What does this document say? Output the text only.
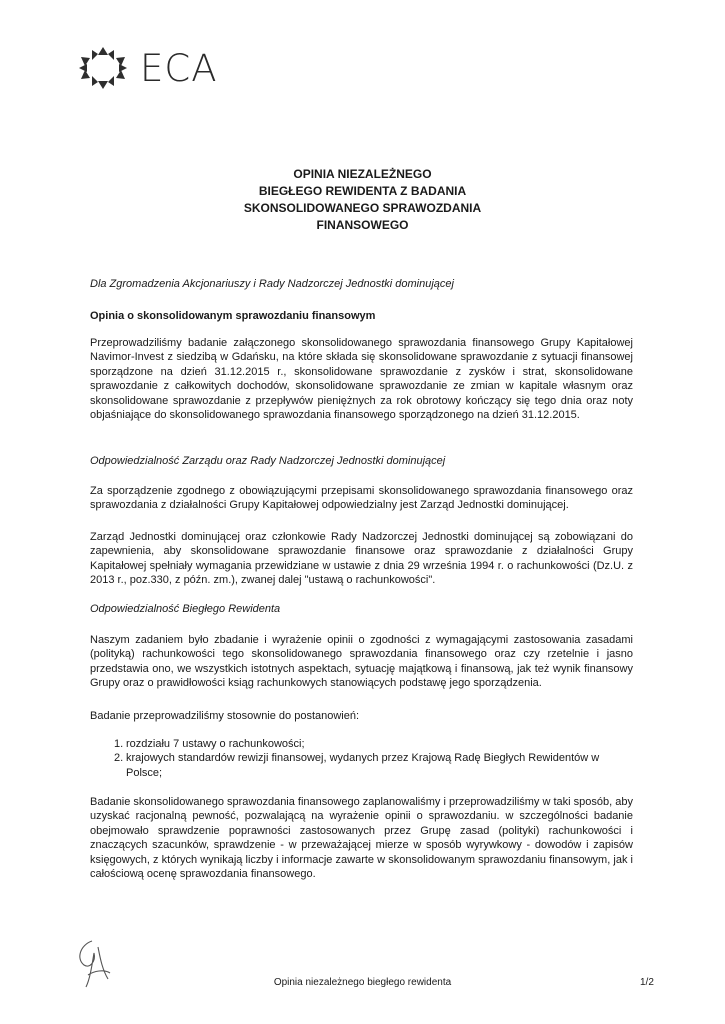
ECA
OPINIA NIEZALEŻNEGO
BIEGŁEGO REWIDENTA Z BADANIA
SKONSOLIDOWANEGO SPRAWOZDANIA
FINANSOWEGO

Dla Zgromadzenia Akcjonariuszy i Rady Nadzorczej Jednostki dominującej

Opinia o skonsolidowanym sprawozdaniu finansowym

Przeprowadziliśmy badanie załączonego skonsolidowanego sprawozdania finansowego Grupy Kapitałowej Navimor-Invest z siedzibą w Gdańsku, na które składa się skonsolidowane sprawozdanie z sytuacji finansowej sporządzone na dzień 31.12.2015 r., skonsolidowane sprawozdanie z zysków i strat, skonsolidowane sprawozdanie z całkowitych dochodów, skonsolidowane sprawozdanie ze zmian w kapitale własnym oraz skonsolidowane sprawozdanie z przepływów pieniężnych za rok obrotowy kończący się tego dnia oraz noty objaśniające do skonsolidowanego sprawozdania finansowego sporządzonego na dzień 31.12.2015.

Odpowiedzialność Zarządu oraz Rady Nadzorczej Jednostki dominującej

Za sporządzenie zgodnego z obowiązującymi przepisami skonsolidowanego sprawozdania finansowego oraz sprawozdania z działalności Grupy Kapitałowej odpowiedzialny jest Zarząd Jednostki dominującej.

Zarząd Jednostki dominującej oraz członkowie Rady Nadzorczej Jednostki dominującej są zobowiązani do zapewnienia, aby skonsolidowane sprawozdanie finansowe oraz sprawozdanie z działalności Grupy Kapitałowej spełniały wymagania przewidziane w ustawie z dnia 29 września 1994 r. o rachunkowości (Dz.U. z 2013 r., poz.330, z późn. zm.), zwanej dalej "ustawą o rachunkowości".

Odpowiedzialność Biegłego Rewidenta

Naszym zadaniem było zbadanie i wyrażenie opinii o zgodności z wymagającymi zastosowania zasadami (polityką) rachunkowości tego skonsolidowanego sprawozdania finansowego oraz czy rzetelnie i jasno przedstawia ono, we wszystkich istotnych aspektach, sytuację majątkową i finansową, jak też wynik finansowy Grupy oraz o prawidłowości ksiąg rachunkowych stanowiących podstawę jego sporządzenia.

Badanie przeprowadziliśmy stosownie do postanowień:

1. rozdziału 7 ustawy o rachunkowości;
2. krajowych standardów rewizji finansowej, wydanych przez Krajową Radę Biegłych Rewidentów w Polsce;

Badanie skonsolidowanego sprawozdania finansowego zaplanowaliśmy i przeprowadziliśmy w taki sposób, aby uzyskać racjonalną pewność, pozwalającą na wyrażenie opinii o sprawozdaniu. w szczególności badanie obejmowało sprawdzenie poprawności zastosowanych przez Grupę zasad (polityki) rachunkowości i znaczących szacunków, sprawdzenie - w przeważającej mierze w sposób wyrywkowy - dowodów i zapisów księgowych, z których wynikają liczby i informacje zawarte w skonsolidowanym sprawozdaniu finansowym, jak i całościową ocenę sprawozdania finansowego.

Opinia niezależnego biegłego rewidenta	1/2
